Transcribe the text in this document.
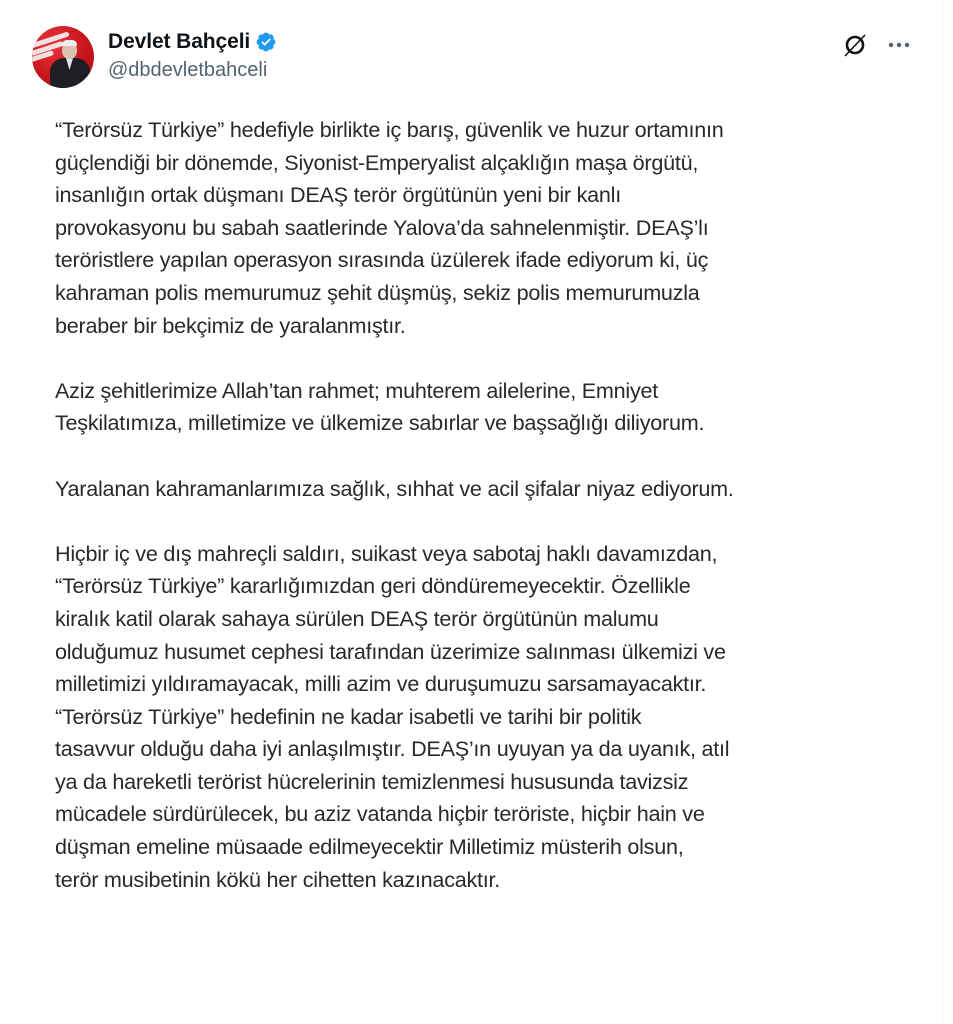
Devlet Bahçeli
@dbdevletbahceli

“Terörsüz Türkiye” hedefiyle birlikte iç barış, güvenlik ve huzur ortamının
güçlendiği bir dönemde, Siyonist-Emperyalist alçaklığın maşa örgütü,
insanlığın ortak düşmanı DEAŞ terör örgütünün yeni bir kanlı
provokasyonu bu sabah saatlerinde Yalova’da sahnelenmiştir. DEAŞ’lı
teröristlere yapılan operasyon sırasında üzülerek ifade ediyorum ki, üç
kahraman polis memurumuz şehit düşmüş, sekiz polis memurumuzla
beraber bir bekçimiz de yaralanmıştır.

Aziz şehitlerimize Allah’tan rahmet; muhterem ailelerine, Emniyet
Teşkilatımıza, milletimize ve ülkemize sabırlar ve başsağlığı diliyorum.

Yaralanan kahramanlarımıza sağlık, sıhhat ve acil şifalar niyaz ediyorum.

Hiçbir iç ve dış mahreçli saldırı, suikast veya sabotaj haklı davamızdan,
“Terörsüz Türkiye” kararlığımızdan geri döndüremeyecektir. Özellikle
kiralık katil olarak sahaya sürülen DEAŞ terör örgütünün malumu
olduğumuz husumet cephesi tarafından üzerimize salınması ülkemizi ve
milletimizi yıldıramayacak, milli azim ve duruşumuzu sarsamayacaktır.
“Terörsüz Türkiye” hedefinin ne kadar isabetli ve tarihi bir politik
tasavvur olduğu daha iyi anlaşılmıştır. DEAŞ’ın uyuyan ya da uyanık, atıl
ya da hareketli terörist hücrelerinin temizlenmesi hususunda tavizsiz
mücadele sürdürülecek, bu aziz vatanda hiçbir teröriste, hiçbir hain ve
düşman emeline müsaade edilmeyecektir Milletimiz müsterih olsun,
terör musibetinin kökü her cihetten kazınacaktır.
